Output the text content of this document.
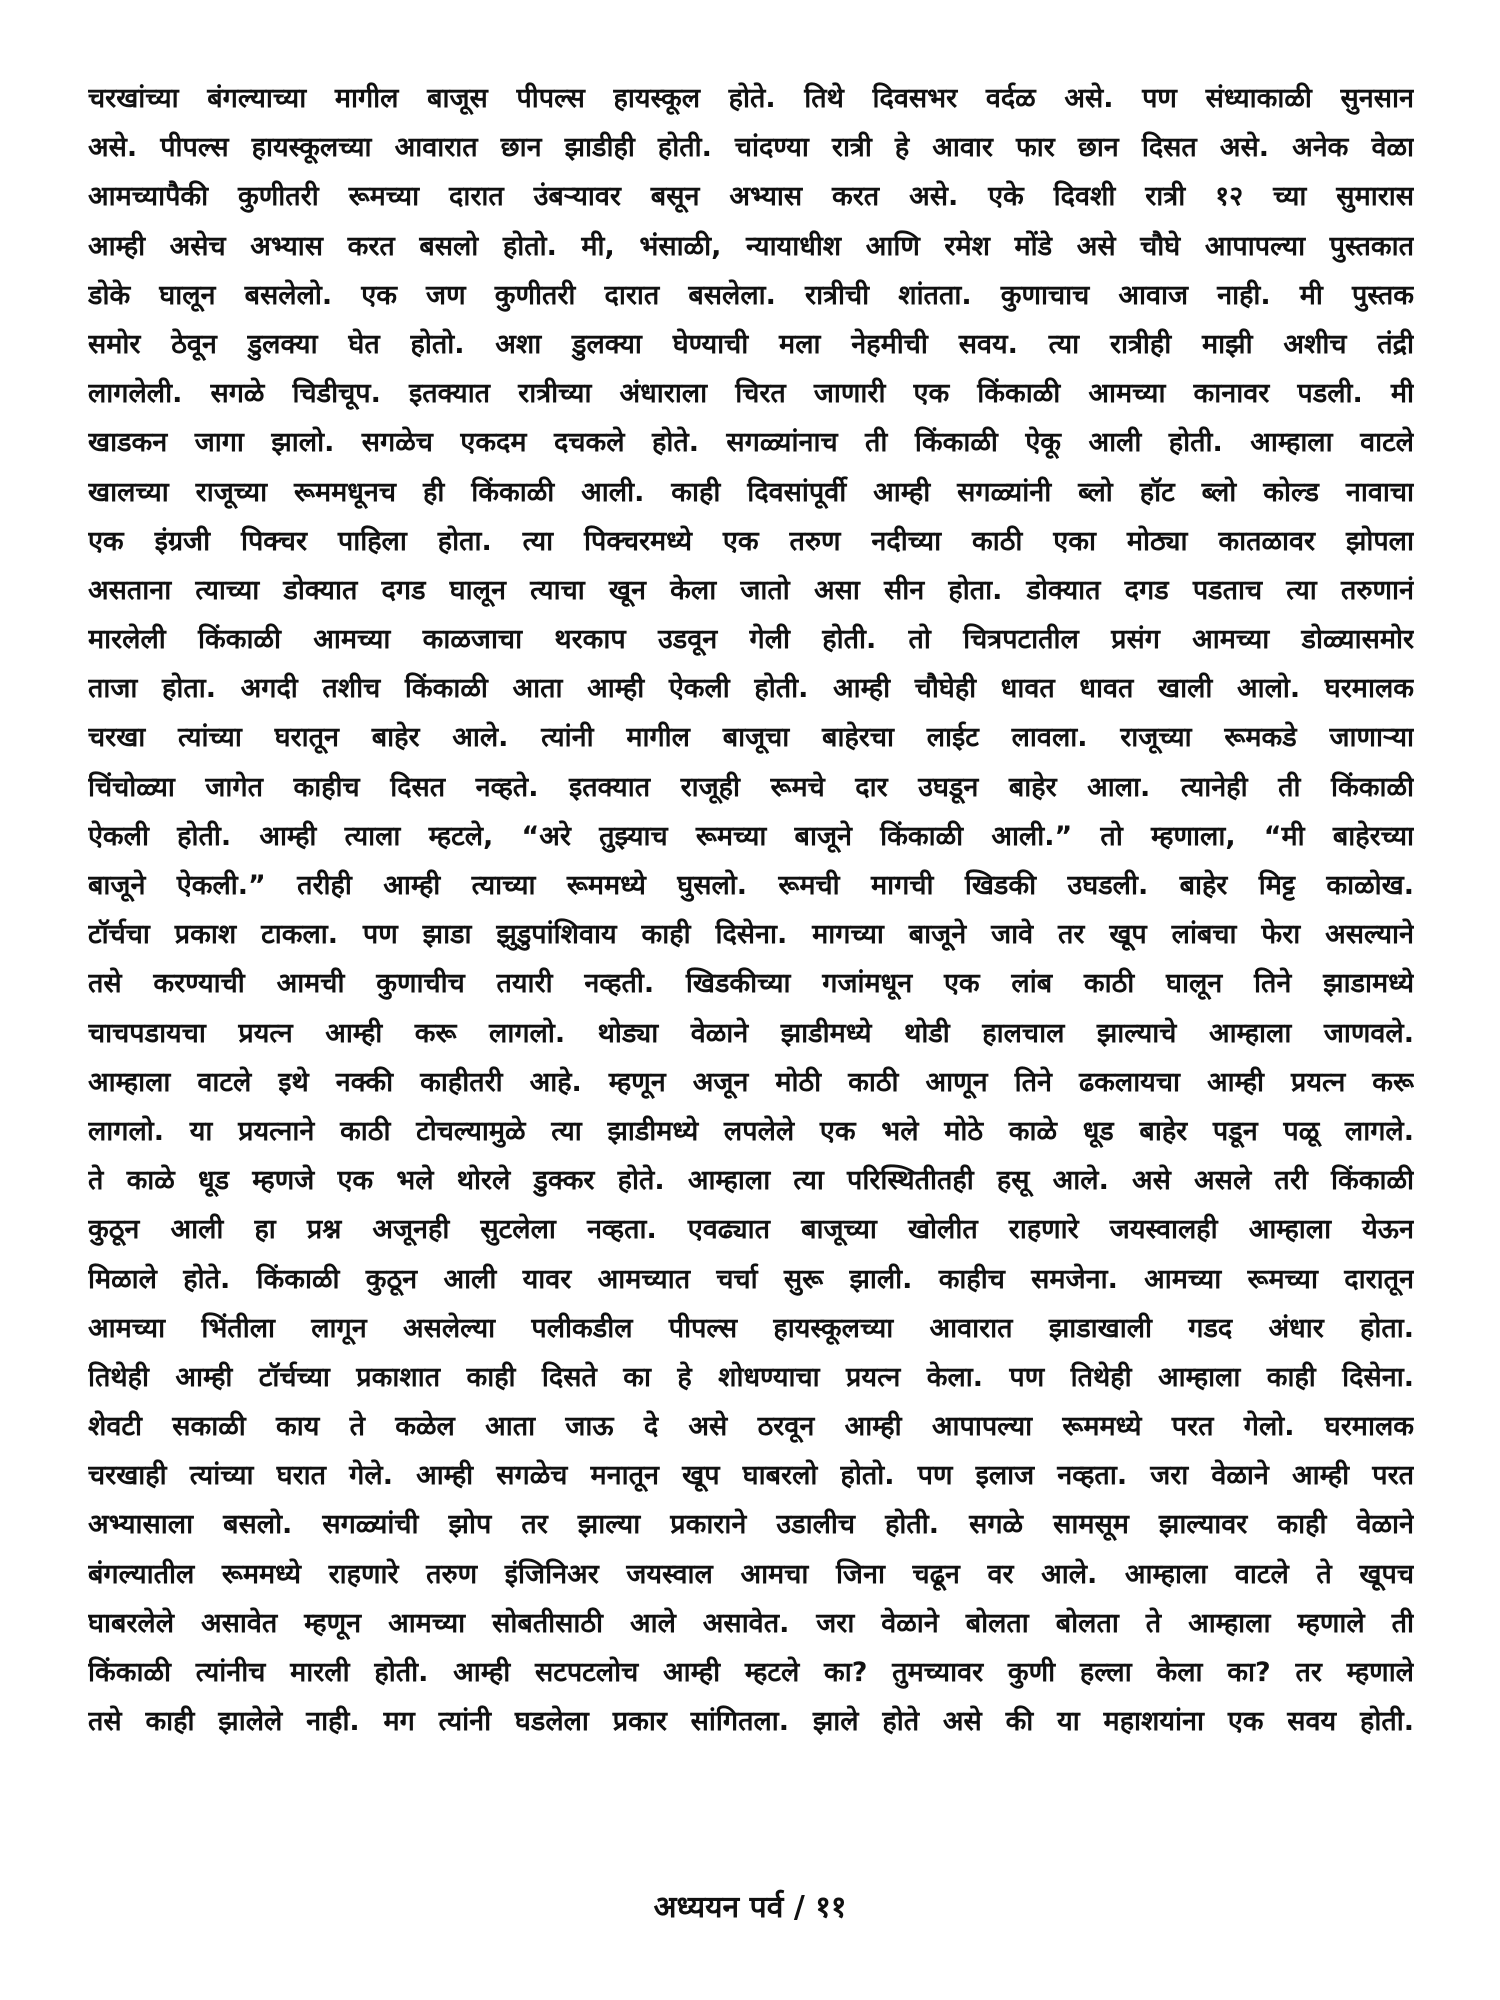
चरखांच्या बंगल्याच्या मागील बाजूस पीपल्स हायस्कूल होते. तिथे दिवसभर वर्दळ असे. पण संध्याकाळी सुनसान
असे. पीपल्स हायस्कूलच्या आवारात छान झाडीही होती. चांदण्या रात्री हे आवार फार छान दिसत असे. अनेक वेळा
आमच्यापैकी कुणीतरी रूमच्या दारात उंबऱ्यावर बसून अभ्यास करत असे. एके दिवशी रात्री १२ च्या सुमारास
आम्ही असेच अभ्यास करत बसलो होतो. मी, भंसाळी, न्यायाधीश आणि रमेश मोंडे असे चौघे आपापल्या पुस्तकात
डोके घालून बसलेलो. एक जण कुणीतरी दारात बसलेला. रात्रीची शांतता. कुणाचाच आवाज नाही. मी पुस्तक
समोर ठेवून डुलक्या घेत होतो. अशा डुलक्या घेण्याची मला नेहमीची सवय. त्या रात्रीही माझी अशीच तंद्री
लागलेली. सगळे चिडीचूप. इतक्यात रात्रीच्या अंधाराला चिरत जाणारी एक किंकाळी आमच्या कानावर पडली. मी
खाडकन जागा झालो. सगळेच एकदम दचकले होते. सगळ्यांनाच ती किंकाळी ऐकू आली होती. आम्हाला वाटले
खालच्या राजूच्या रूममधूनच ही किंकाळी आली. काही दिवसांपूर्वी आम्ही सगळ्यांनी ब्लो हॉट ब्लो कोल्ड नावाचा
एक इंग्रजी पिक्चर पाहिला होता. त्या पिक्चरमध्ये एक तरुण नदीच्या काठी एका मोठ्या कातळावर झोपला
असताना त्याच्या डोक्यात दगड घालून त्याचा खून केला जातो असा सीन होता. डोक्यात दगड पडताच त्या तरुणानं
मारलेली किंकाळी आमच्या काळजाचा थरकाप उडवून गेली होती. तो चित्रपटातील प्रसंग आमच्या डोळ्यासमोर
ताजा होता. अगदी तशीच किंकाळी आता आम्ही ऐकली होती. आम्ही चौघेही धावत धावत खाली आलो. घरमालक
चरखा त्यांच्या घरातून बाहेर आले. त्यांनी मागील बाजूचा बाहेरचा लाईट लावला. राजूच्या रूमकडे जाणाऱ्या
चिंचोळ्या जागेत काहीच दिसत नव्हते. इतक्यात राजूही रूमचे दार उघडून बाहेर आला. त्यानेही ती किंकाळी
ऐकली होती. आम्ही त्याला म्हटले, “अरे तुझ्याच रूमच्या बाजूने किंकाळी आली.” तो म्हणाला, “मी बाहेरच्या
बाजूने ऐकली.” तरीही आम्ही त्याच्या रूममध्ये घुसलो. रूमची मागची खिडकी उघडली. बाहेर मिट्ट काळोख.
टॉर्चचा प्रकाश टाकला. पण झाडा झुडुपांशिवाय काही दिसेना. मागच्या बाजूने जावे तर खूप लांबचा फेरा असल्याने
तसे करण्याची आमची कुणाचीच तयारी नव्हती. खिडकीच्या गजांमधून एक लांब काठी घालून तिने झाडामध्ये
चाचपडायचा प्रयत्न आम्ही करू लागलो. थोड्या वेळाने झाडीमध्ये थोडी हालचाल झाल्याचे आम्हाला जाणवले.
आम्हाला वाटले इथे नक्की काहीतरी आहे. म्हणून अजून मोठी काठी आणून तिने ढकलायचा आम्ही प्रयत्न करू
लागलो. या प्रयत्नाने काठी टोचल्यामुळे त्या झाडीमध्ये लपलेले एक भले मोठे काळे धूड बाहेर पडून पळू लागले.
ते काळे धूड म्हणजे एक भले थोरले डुक्कर होते. आम्हाला त्या परिस्थितीतही हसू आले. असे असले तरी किंकाळी
कुठून आली हा प्रश्न अजूनही सुटलेला नव्हता. एवढ्यात बाजूच्या खोलीत राहणारे जयस्वालही आम्हाला येऊन
मिळाले होते. किंकाळी कुठून आली यावर आमच्यात चर्चा सुरू झाली. काहीच समजेना. आमच्या रूमच्या दारातून
आमच्या भिंतीला लागून असलेल्या पलीकडील पीपल्स हायस्कूलच्या आवारात झाडाखाली गडद अंधार होता.
तिथेही आम्ही टॉर्चच्या प्रकाशात काही दिसते का हे शोधण्याचा प्रयत्न केला. पण तिथेही आम्हाला काही दिसेना.
शेवटी सकाळी काय ते कळेल आता जाऊ दे असे ठरवून आम्ही आपापल्या रूममध्ये परत गेलो. घरमालक
चरखाही त्यांच्या घरात गेले. आम्ही सगळेच मनातून खूप घाबरलो होतो. पण इलाज नव्हता. जरा वेळाने आम्ही परत
अभ्यासाला बसलो. सगळ्यांची झोप तर झाल्या प्रकाराने उडालीच होती. सगळे सामसूम झाल्यावर काही वेळाने
बंगल्यातील रूममध्ये राहणारे तरुण इंजिनिअर जयस्वाल आमचा जिना चढून वर आले. आम्हाला वाटले ते खूपच
घाबरलेले असावेत म्हणून आमच्या सोबतीसाठी आले असावेत. जरा वेळाने बोलता बोलता ते आम्हाला म्हणाले ती
किंकाळी त्यांनीच मारली होती. आम्ही सटपटलोच आम्ही म्हटले का? तुमच्यावर कुणी हल्ला केला का? तर म्हणाले
तसे काही झालेले नाही. मग त्यांनी घडलेला प्रकार सांगितला. झाले होते असे की या महाशयांना एक सवय होती.
अध्ययन पर्व / ११
